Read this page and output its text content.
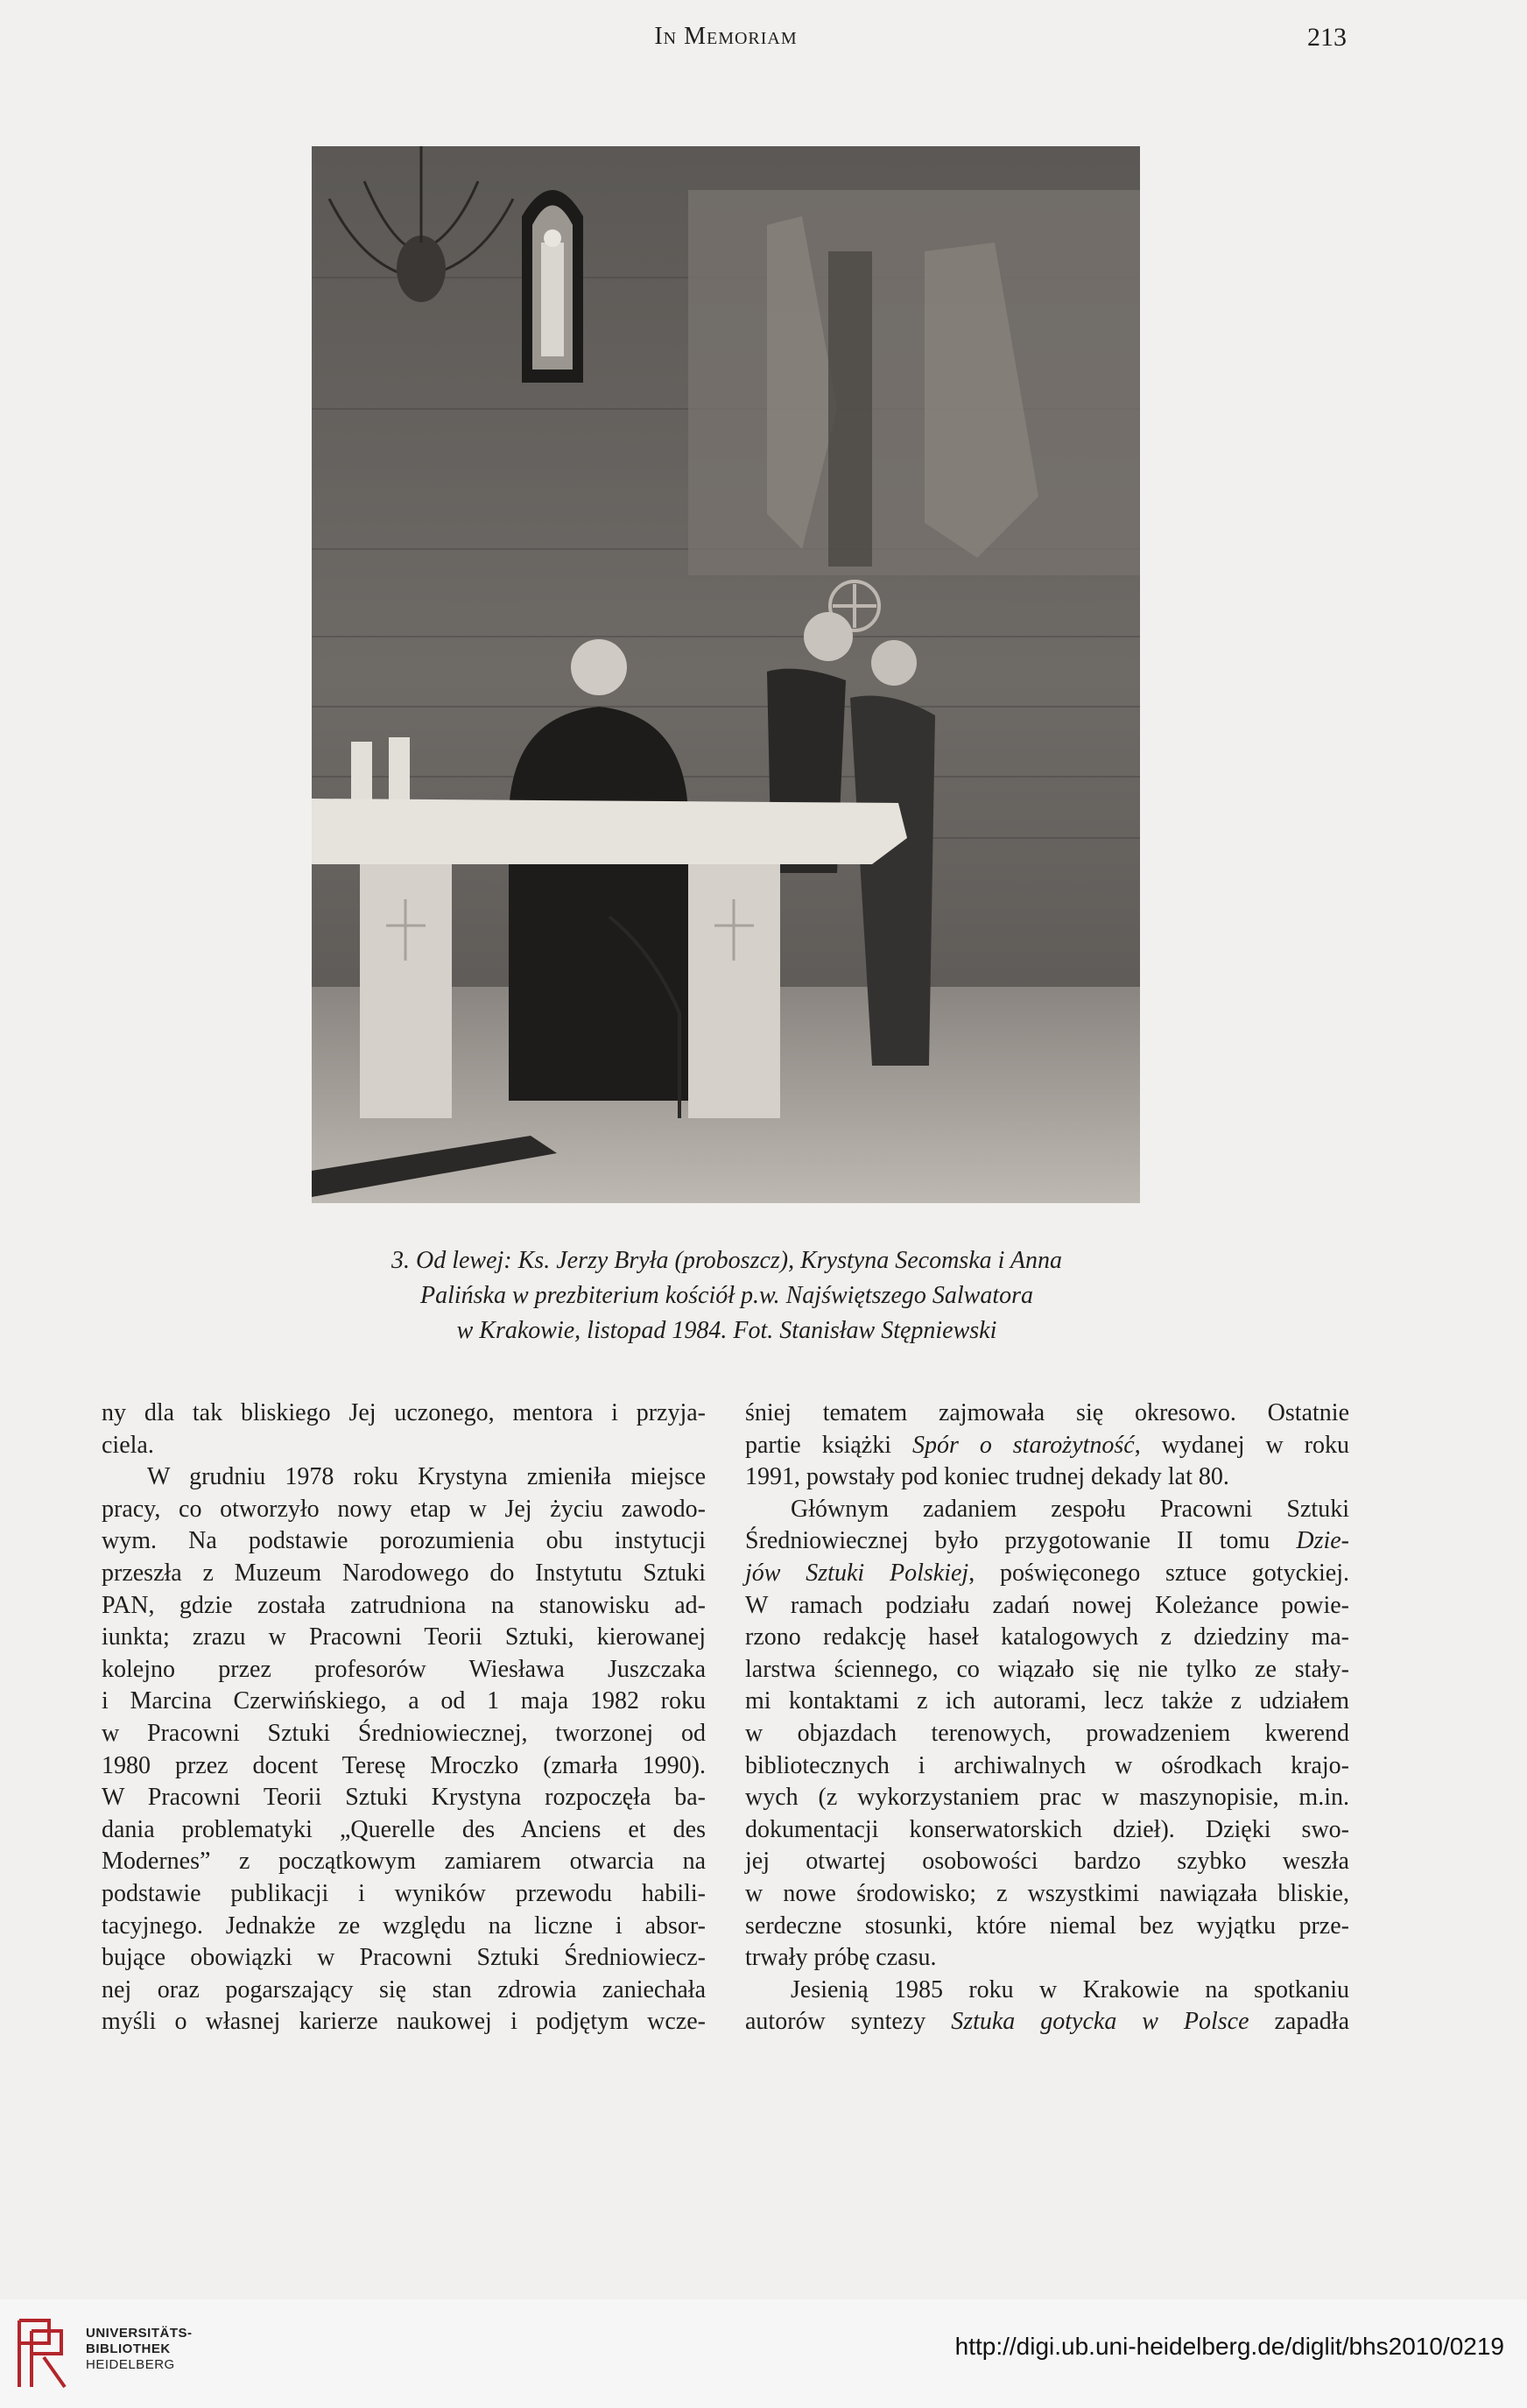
In Memoriam	213
3. Od lewej: Ks. Jerzy Bryła (proboszcz), Krystyna Secomska i Anna
Palińska w prezbiterium kościół p.w. Najświętszego Salwatora
w Krakowie, listopad 1984. Fot. Stanisław Stępniewski
ny dla tak bliskiego Jej uczonego, mentora i przyja-
ciela.
W grudniu 1978 roku Krystyna zmieniła miejsce
pracy, co otworzyło nowy etap w Jej życiu zawodo-
wym. Na podstawie porozumienia obu instytucji
przeszła z Muzeum Narodowego do Instytutu Sztuki
PAN, gdzie została zatrudniona na stanowisku ad-
iunkta; zrazu w Pracowni Teorii Sztuki, kierowanej
kolejno przez profesorów Wiesława Juszczaka
i Marcina Czerwińskiego, a od 1 maja 1982 roku
w Pracowni Sztuki Średniowiecznej, tworzonej od
1980 przez docent Teresę Mroczko (zmarła 1990).
W Pracowni Teorii Sztuki Krystyna rozpoczęła ba-
dania problematyki „Querelle des Anciens et des
Modernes” z początkowym zamiarem otwarcia na
podstawie publikacji i wyników przewodu habili-
tacyjnego. Jednakże ze względu na liczne i absor-
bujące obowiązki w Pracowni Sztuki Średniowiecz-
nej oraz pogarszający się stan zdrowia zaniechała
myśli o własnej karierze naukowej i podjętym wcze-
śniej tematem zajmowała się okresowo. Ostatnie
partie książki Spór o starożytność, wydanej w roku
1991, powstały pod koniec trudnej dekady lat 80.
Głównym zadaniem zespołu Pracowni Sztuki
Średniowiecznej było przygotowanie II tomu Dzie-
jów Sztuki Polskiej, poświęconego sztuce gotyckiej.
W ramach podziału zadań nowej Koleżance powie-
rzono redakcję haseł katalogowych z dziedziny ma-
larstwa ściennego, co wiązało się nie tylko ze stały-
mi kontaktami z ich autorami, lecz także z udziałem
w objazdach terenowych, prowadzeniem kwerend
bibliotecznych i archiwalnych w ośrodkach krajo-
wych (z wykorzystaniem prac w maszynopisie, m.in.
dokumentacji konserwatorskich dzieł). Dzięki swo-
jej otwartej osobowości bardzo szybko weszła
w nowe środowisko; z wszystkimi nawiązała bliskie,
serdeczne stosunki, które niemal bez wyjątku prze-
trwały próbę czasu.
Jesienią 1985 roku w Krakowie na spotkaniu
autorów syntezy Sztuka gotycka w Polsce zapadła
UNIVERSITÄTS-
BIBLIOTHEK
HEIDELBERG
http://digi.ub.uni-heidelberg.de/diglit/bhs2010/0219
